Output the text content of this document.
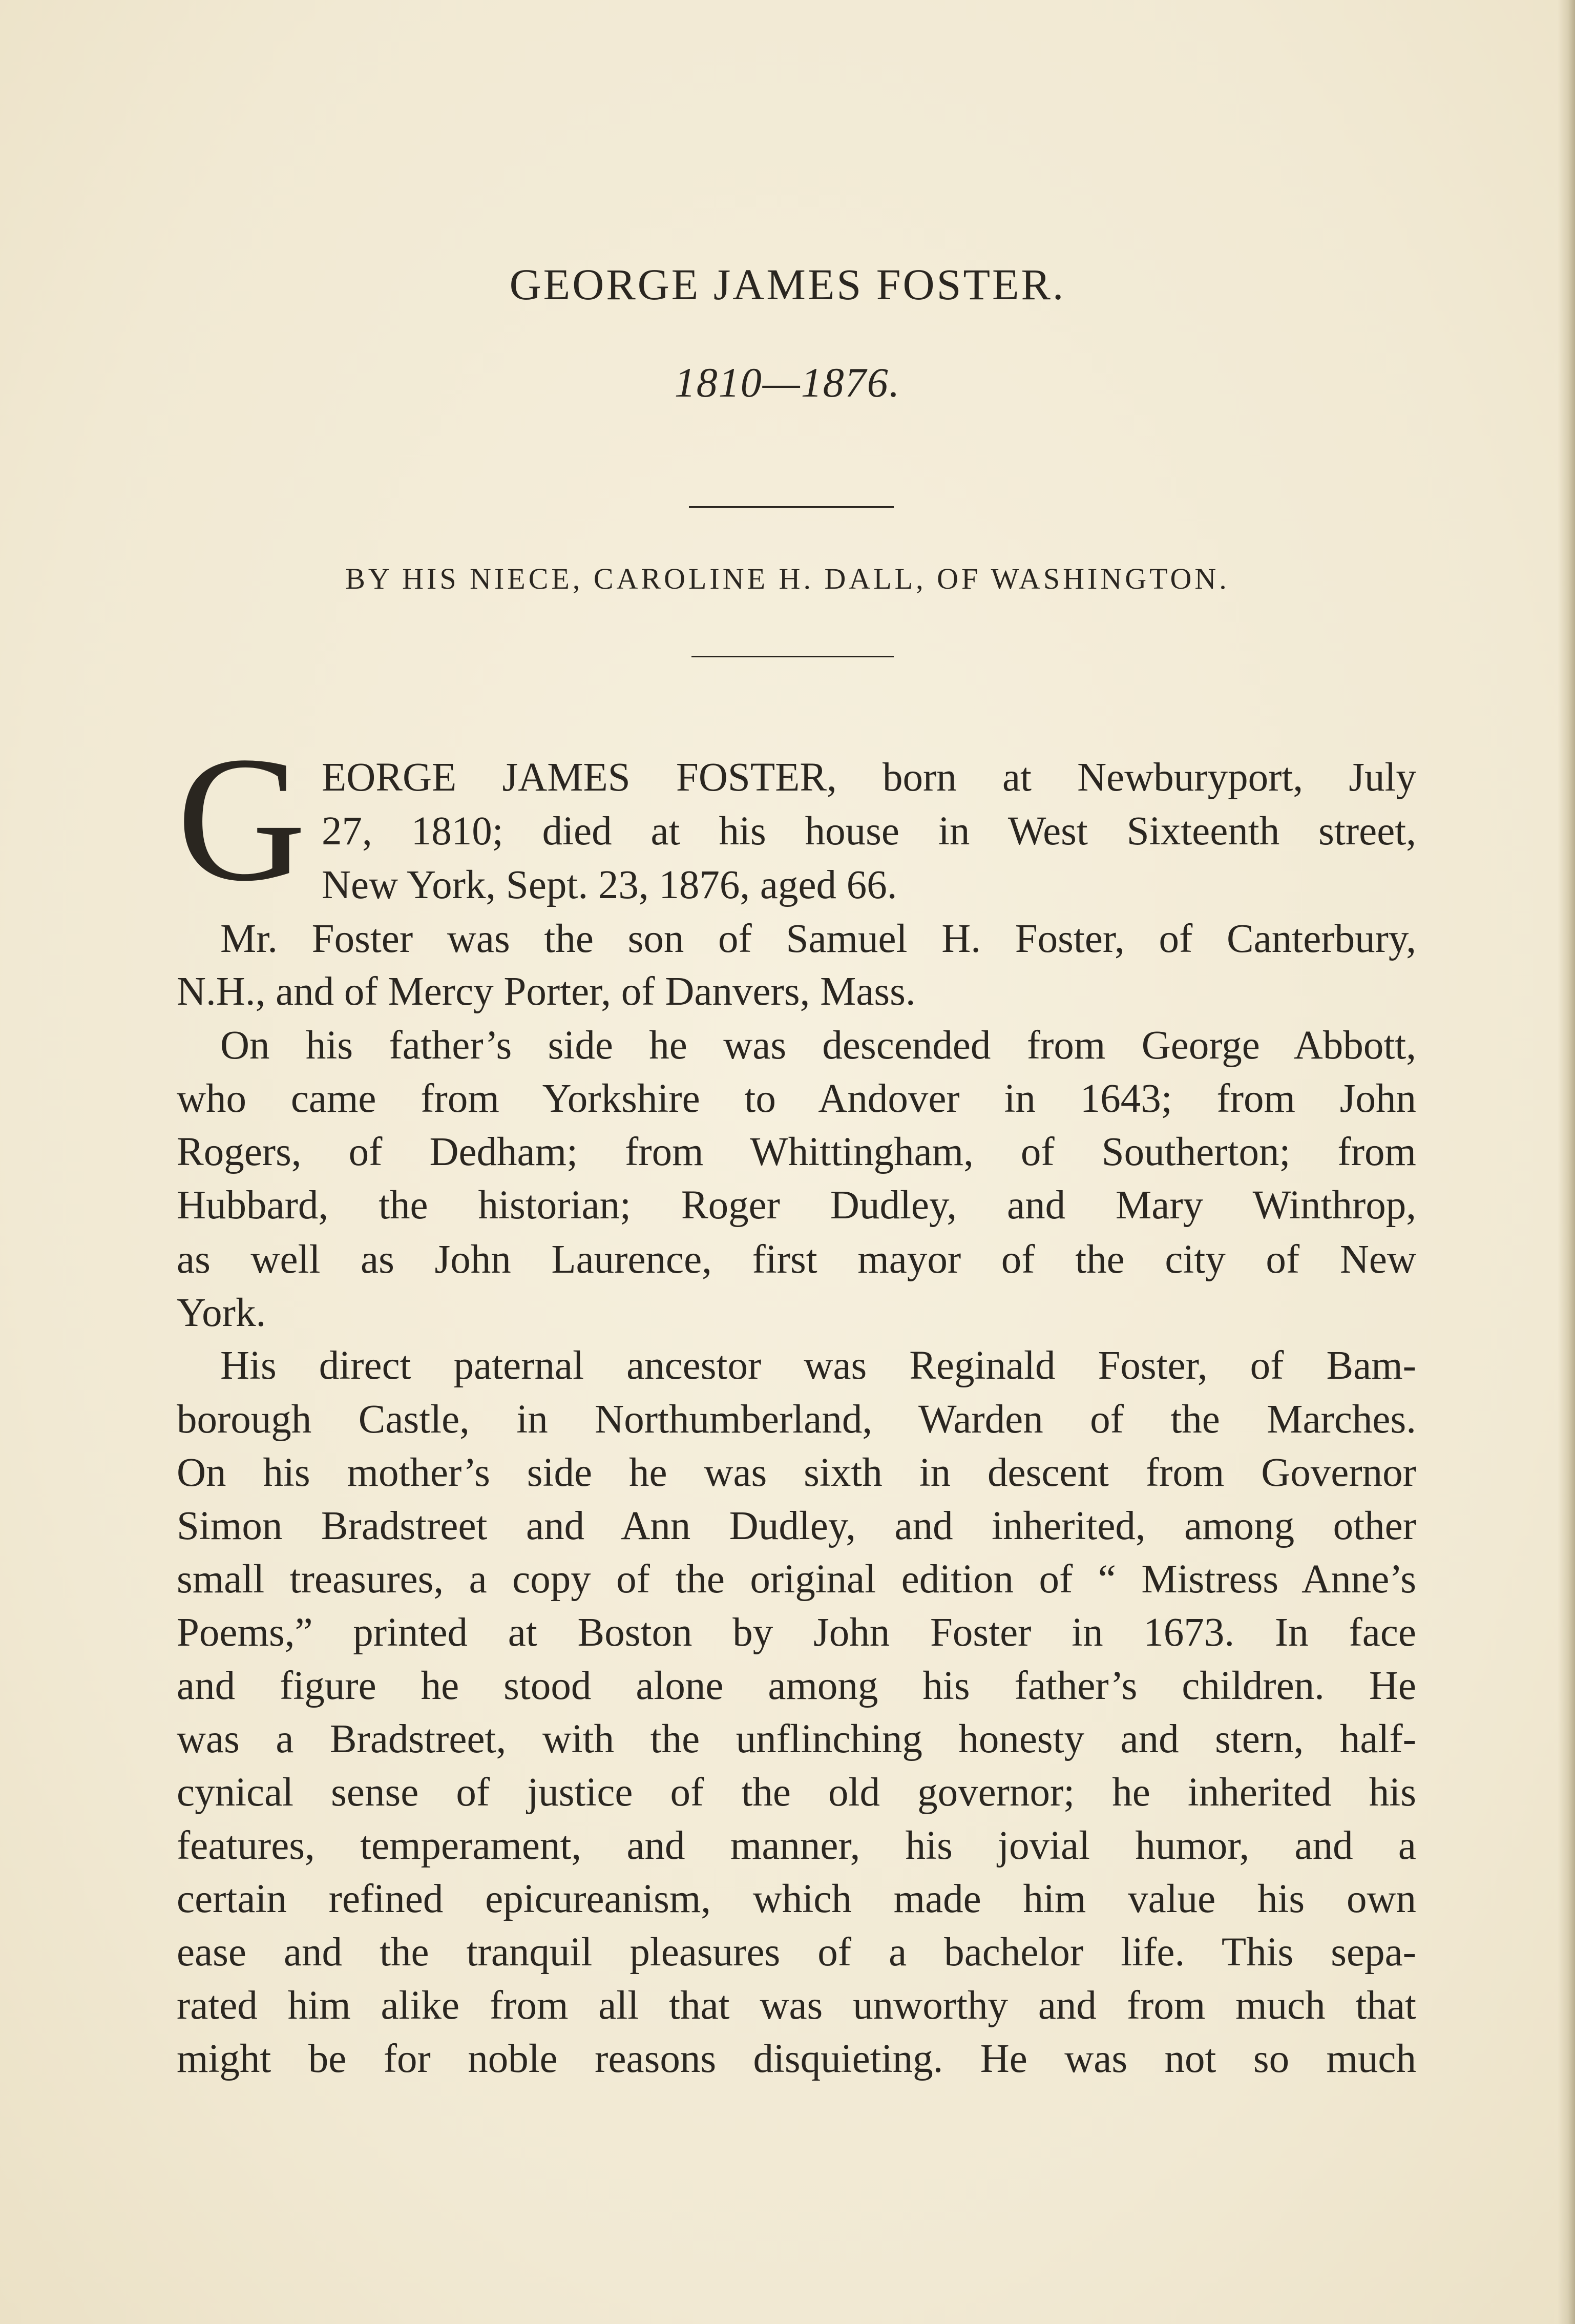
GEORGE JAMES FOSTER.
1810—1876.
BY HIS NIECE, CAROLINE H. DALL, OF WASHINGTON.
G EORGE JAMES FOSTER, born at Newburyport, July
27, 1810; died at his house in West Sixteenth street,
New York, Sept. 23, 1876, aged 66.
Mr. Foster was the son of Samuel H. Foster, of Canterbury,
N.H., and of Mercy Porter, of Danvers, Mass.
On his father’s side he was descended from George Abbott,
who came from Yorkshire to Andover in 1643; from John
Rogers, of Dedham; from Whittingham, of Southerton; from
Hubbard, the historian; Roger Dudley, and Mary Winthrop,
as well as John Laurence, first mayor of the city of New
York.
His direct paternal ancestor was Reginald Foster, of Bam-
borough Castle, in Northumberland, Warden of the Marches.
On his mother’s side he was sixth in descent from Governor
Simon Bradstreet and Ann Dudley, and inherited, among other
small treasures, a copy of the original edition of “ Mistress Anne’s
Poems,” printed at Boston by John Foster in 1673. In face
and figure he stood alone among his father’s children. He
was a Bradstreet, with the unflinching honesty and stern, half-
cynical sense of justice of the old governor; he inherited his
features, temperament, and manner, his jovial humor, and a
certain refined epicureanism, which made him value his own
ease and the tranquil pleasures of a bachelor life. This sepa-
rated him alike from all that was unworthy and from much that
might be for noble reasons disquieting. He was not so much
